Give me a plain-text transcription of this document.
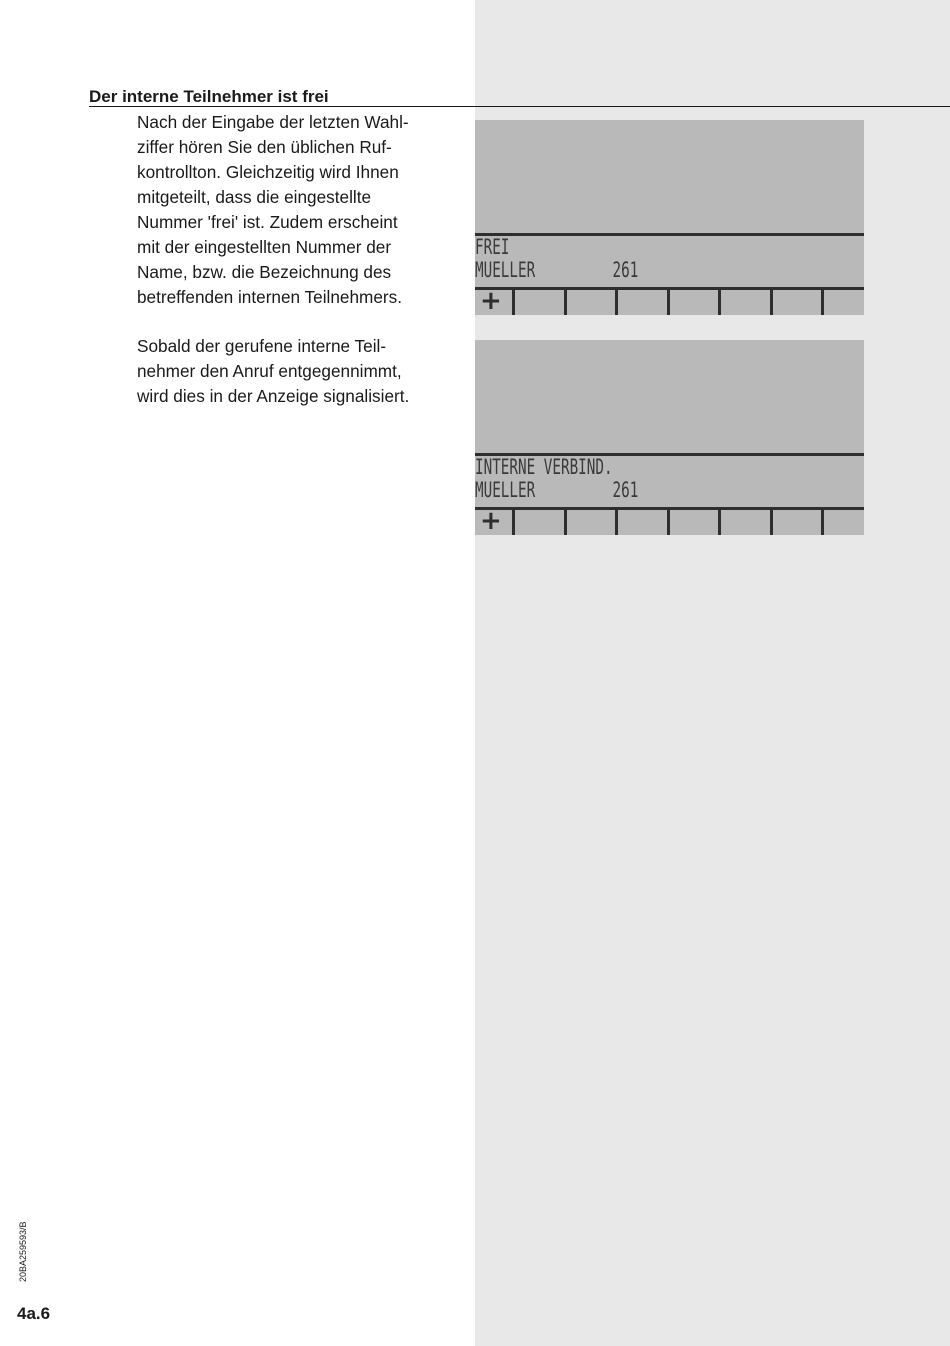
Der interne Teilnehmer ist frei

Nach der Eingabe der letzten Wahl-
ziffer hören Sie den üblichen Ruf-
kontrollton. Gleichzeitig wird Ihnen
mitgeteilt, dass die eingestellte
Nummer 'frei' ist. Zudem erscheint
mit der eingestellten Nummer der
Name, bzw. die Bezeichnung des
betreffenden internen Teilnehmers.

Sobald der gerufene interne Teil-
nehmer den Anruf entgegennimmt,
wird dies in der Anzeige signalisiert.

FREI
MUELLER         261
+
INTERNE VERBIND.
MUELLER         261
+
20BA259593/B
4a.6
